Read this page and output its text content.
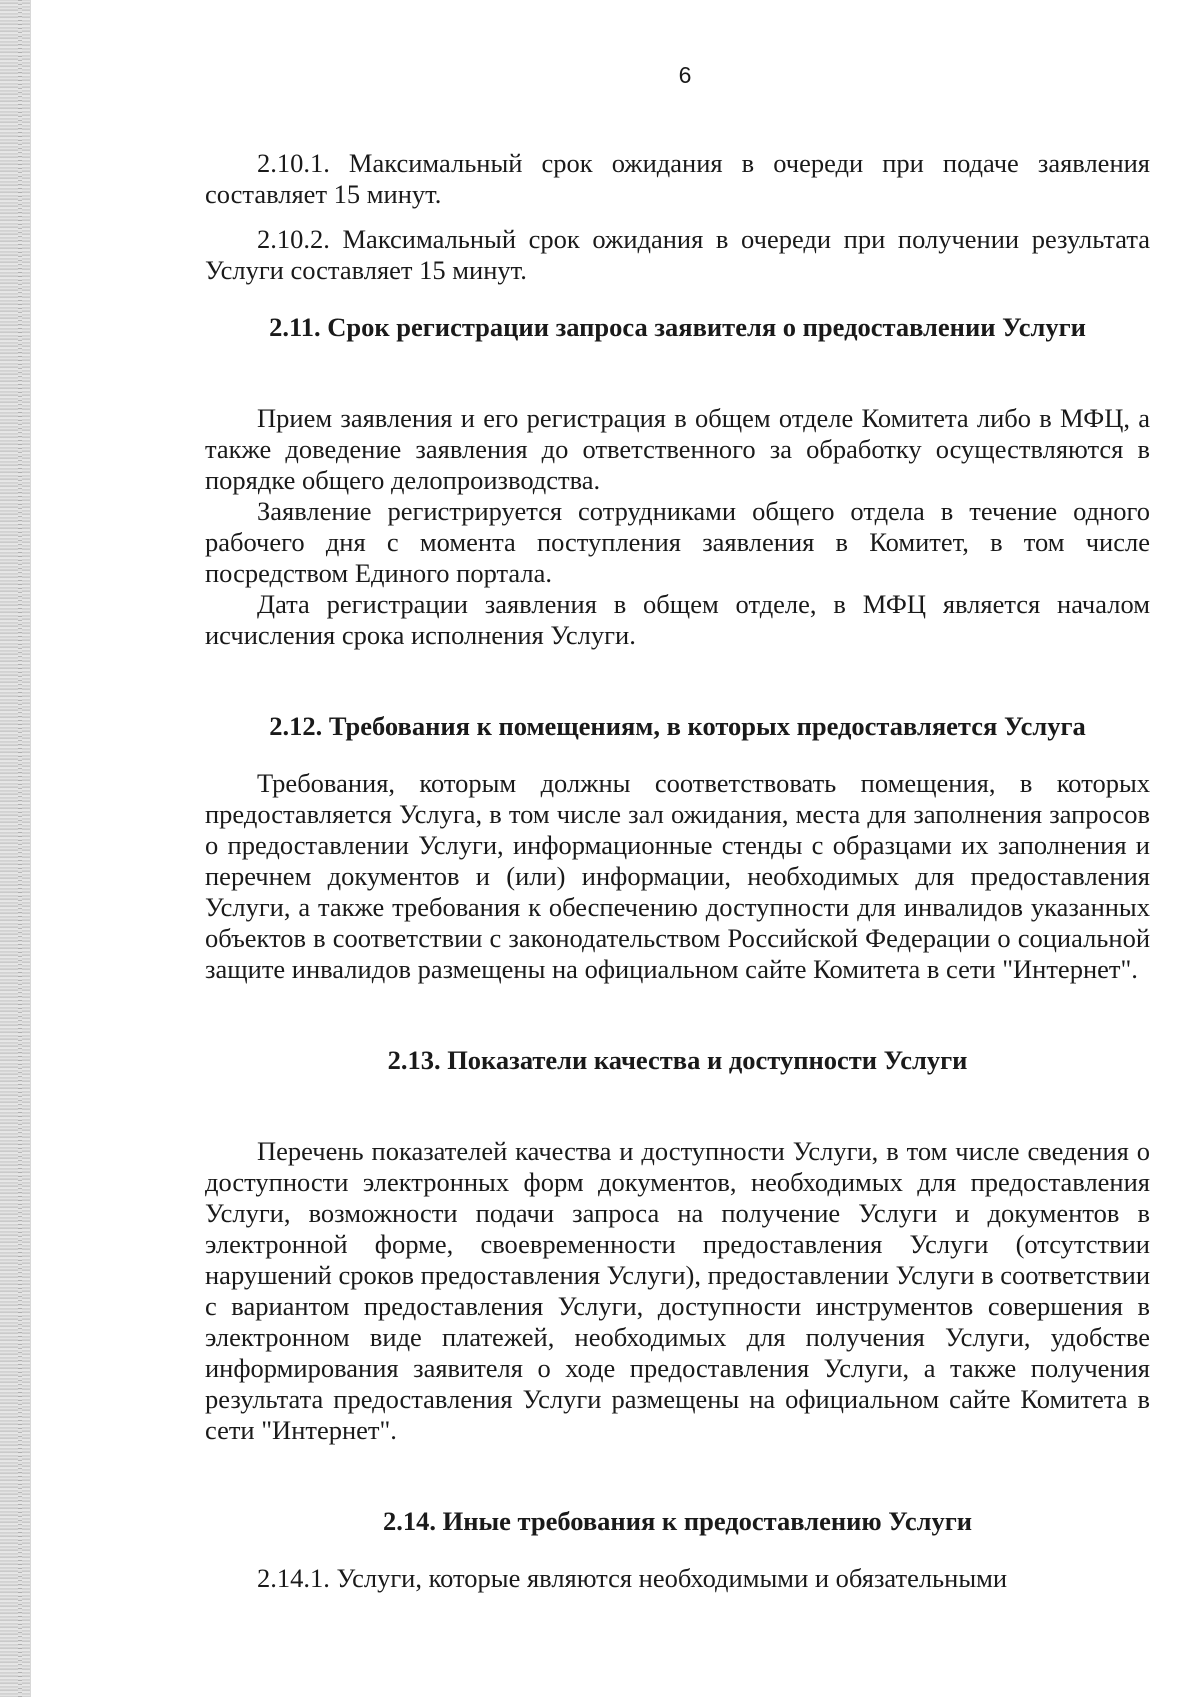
6

2.10.1. Максимальный срок ожидания в очереди при подаче заявления составляет 15 минут.

2.10.2. Максимальный срок ожидания в очереди при получении результата Услуги составляет 15 минут.

2.11. Срок регистрации запроса заявителя о предоставлении Услуги

Прием заявления и его регистрация в общем отделе Комитета либо в МФЦ, а также доведение заявления до ответственного за обработку осуществляются в порядке общего делопроизводства.

Заявление регистрируется сотрудниками общего отдела в течение одного рабочего дня с момента поступления заявления в Комитет, в том числе посредством Единого портала.

Дата регистрации заявления в общем отделе, в МФЦ является началом исчисления срока исполнения Услуги.

2.12. Требования к помещениям, в которых предоставляется Услуга

Требования, которым должны соответствовать помещения, в которых предоставляется Услуга, в том числе зал ожидания, места для заполнения запросов о предоставлении Услуги, информационные стенды с образцами их заполнения и перечнем документов и (или) информации, необходимых для предоставления Услуги, а также требования к обеспечению доступности для инвалидов указанных объектов в соответствии с законодательством Российской Федерации о социальной защите инвалидов размещены на официальном сайте Комитета в сети "Интернет".

2.13. Показатели качества и доступности Услуги

Перечень показателей качества и доступности Услуги, в том числе сведения о доступности электронных форм документов, необходимых для предоставления Услуги, возможности подачи запроса на получение Услуги и документов в электронной форме, своевременности предоставления Услуги (отсутствии нарушений сроков предоставления Услуги), предоставлении Услуги в соответствии с вариантом предоставления Услуги, доступности инструментов совершения в электронном виде платежей, необходимых для получения Услуги, удобстве информирования заявителя о ходе предоставления Услуги, а также получения результата предоставления Услуги размещены на официальном сайте Комитета в сети "Интернет".

2.14. Иные требования к предоставлению Услуги

2.14.1. Услуги, которые являются необходимыми и обязательными
